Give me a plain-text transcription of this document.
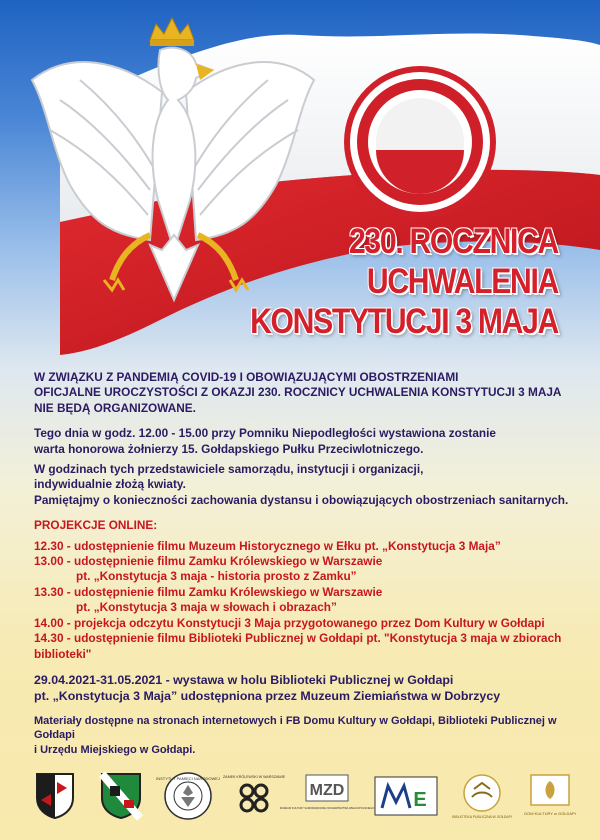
230. ROCZNICA
UCHWALENIA
KONSTYTUCJI 3 MAJA

W ZWIĄZKU Z PANDEMIĄ COVID-19 I OBOWIĄZUJĄCYMI OBOSTRZENIAMI

OFICJALNE UROCZYSTOŚCI Z OKAZJI 230. ROCZNICY UCHWALENIA KONSTYTUCJI 3 MAJA

NIE BĘDĄ ORGANIZOWANE.

Tego dnia w godz. 12.00 - 15.00 przy Pomniku Niepodległości wystawiona zostanie

warta honorowa żołnierzy 15. Gołdapskiego Pułku Przeciwlotniczego.

W godzinach tych przedstawiciele samorządu, instytucji i organizacji,

indywidualnie złożą kwiaty.

Pamiętajmy o konieczności zachowania dystansu i obowiązujących obostrzeniach sanitarnych.

PROJEKCJE ONLINE:

12.30 - udostępnienie filmu Muzeum Historycznego w Ełku pt. „Konstytucja 3 Maja”

13.00 - udostępnienie filmu Zamku Królewskiego w Warszawie

pt. „Konstytucja 3 maja - historia prosto z Zamku”

13.30 - udostępnienie filmu Zamku Królewskiego w Warszawie

pt. „Konstytucja 3 maja w słowach i obrazach”

14.00 - projekcja odczytu Konstytucji 3 Maja przygotowanego przez Dom Kultury w Gołdapi

14.30 - udostępnienie filmu Biblioteki Publicznej w Gołdapi pt. "Konstytucja 3 maja w zbiorach biblioteki"

29.04.2021-31.05.2021 - wystawa w holu Biblioteki Publicznej w Gołdapi

pt. „Konstytucja 3 Maja” udostępniona przez Muzeum Ziemiaństwa w Dobrzycy

Materiały dostępne na stronach internetowych i FB Domu Kultury w Gołdapi, Biblioteki Publicznej w Gołdapi

i Urzędu Miejskiego w Gołdapi.

INSTYTUT PAMIĘCI NARODOWEJ ZAMEK KRÓLEWSKI W WARSZAWIE
MZD
MUZEUM KULTURY SAMORZĄDOWEJ WOJEWÓDZTWA WIELKOPOLSKIEGO E
BIBLIOTEKA PUBLICZNA W GOŁDAPI
DOM KULTURY w GOŁDAPI
